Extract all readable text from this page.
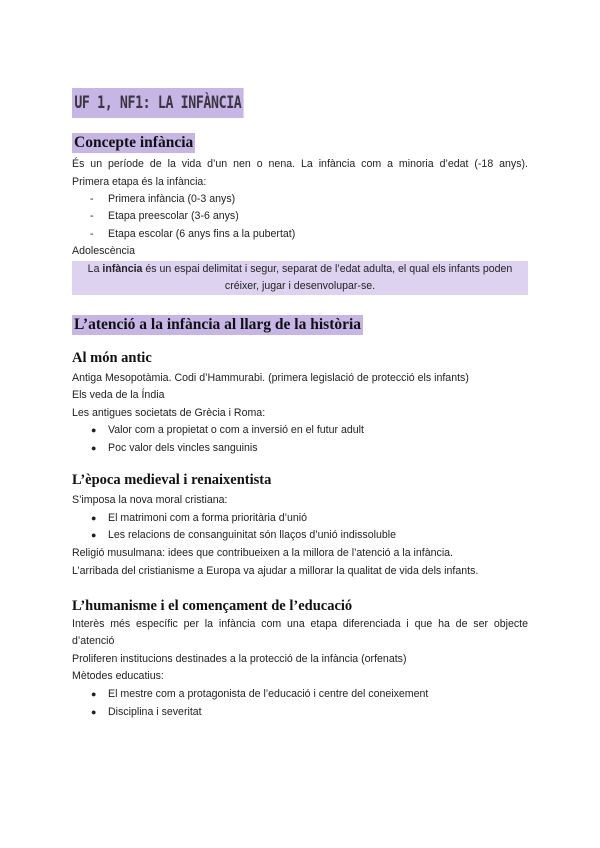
UF 1, NF1: LA INFÀNCIA
Concepte infància
És un període de la vida d’un nen o nena. La infància com a minoria d’edat (-18 anys).
Primera etapa és la infància:
- Primera infància (0-3 anys)
- Etapa preescolar (3-6 anys)
- Etapa escolar (6 anys fins a la pubertat)
Adolescència
La infància és un espai delimitat i segur, separat de l’edat adulta, el qual els infants poden
créixer, jugar i desenvolupar-se.
L’atenció a la infància al llarg de la història
Al món antic
Antiga Mesopotàmia. Codi d’Hammurabi. (primera legislació de protecció els infants)
Els veda de la Índia
Les antigues societats de Grècia i Roma:
● Valor com a propietat o com a inversió en el futur adult
● Poc valor dels vincles sanguinis
L’època medieval i renaixentista
S’imposa la nova moral cristiana:
● El matrimoni com a forma prioritària d’unió
● Les relacions de consanguinitat són llaços d’unió indissoluble
Religió musulmana: idees que contribueixen a la millora de l’atenció a la infància.
L’arribada del cristianisme a Europa va ajudar a millorar la qualitat de vida dels infants.
L’humanisme i el començament de l’educació
Interès més específic per la infància com una etapa diferenciada i que ha de ser objecte
d’atenció
Proliferen institucions destinades a la protecció de la infància (orfenats)
Mètodes educatius:
● El mestre com a protagonista de l’educació i centre del coneixement
● Disciplina i severitat
